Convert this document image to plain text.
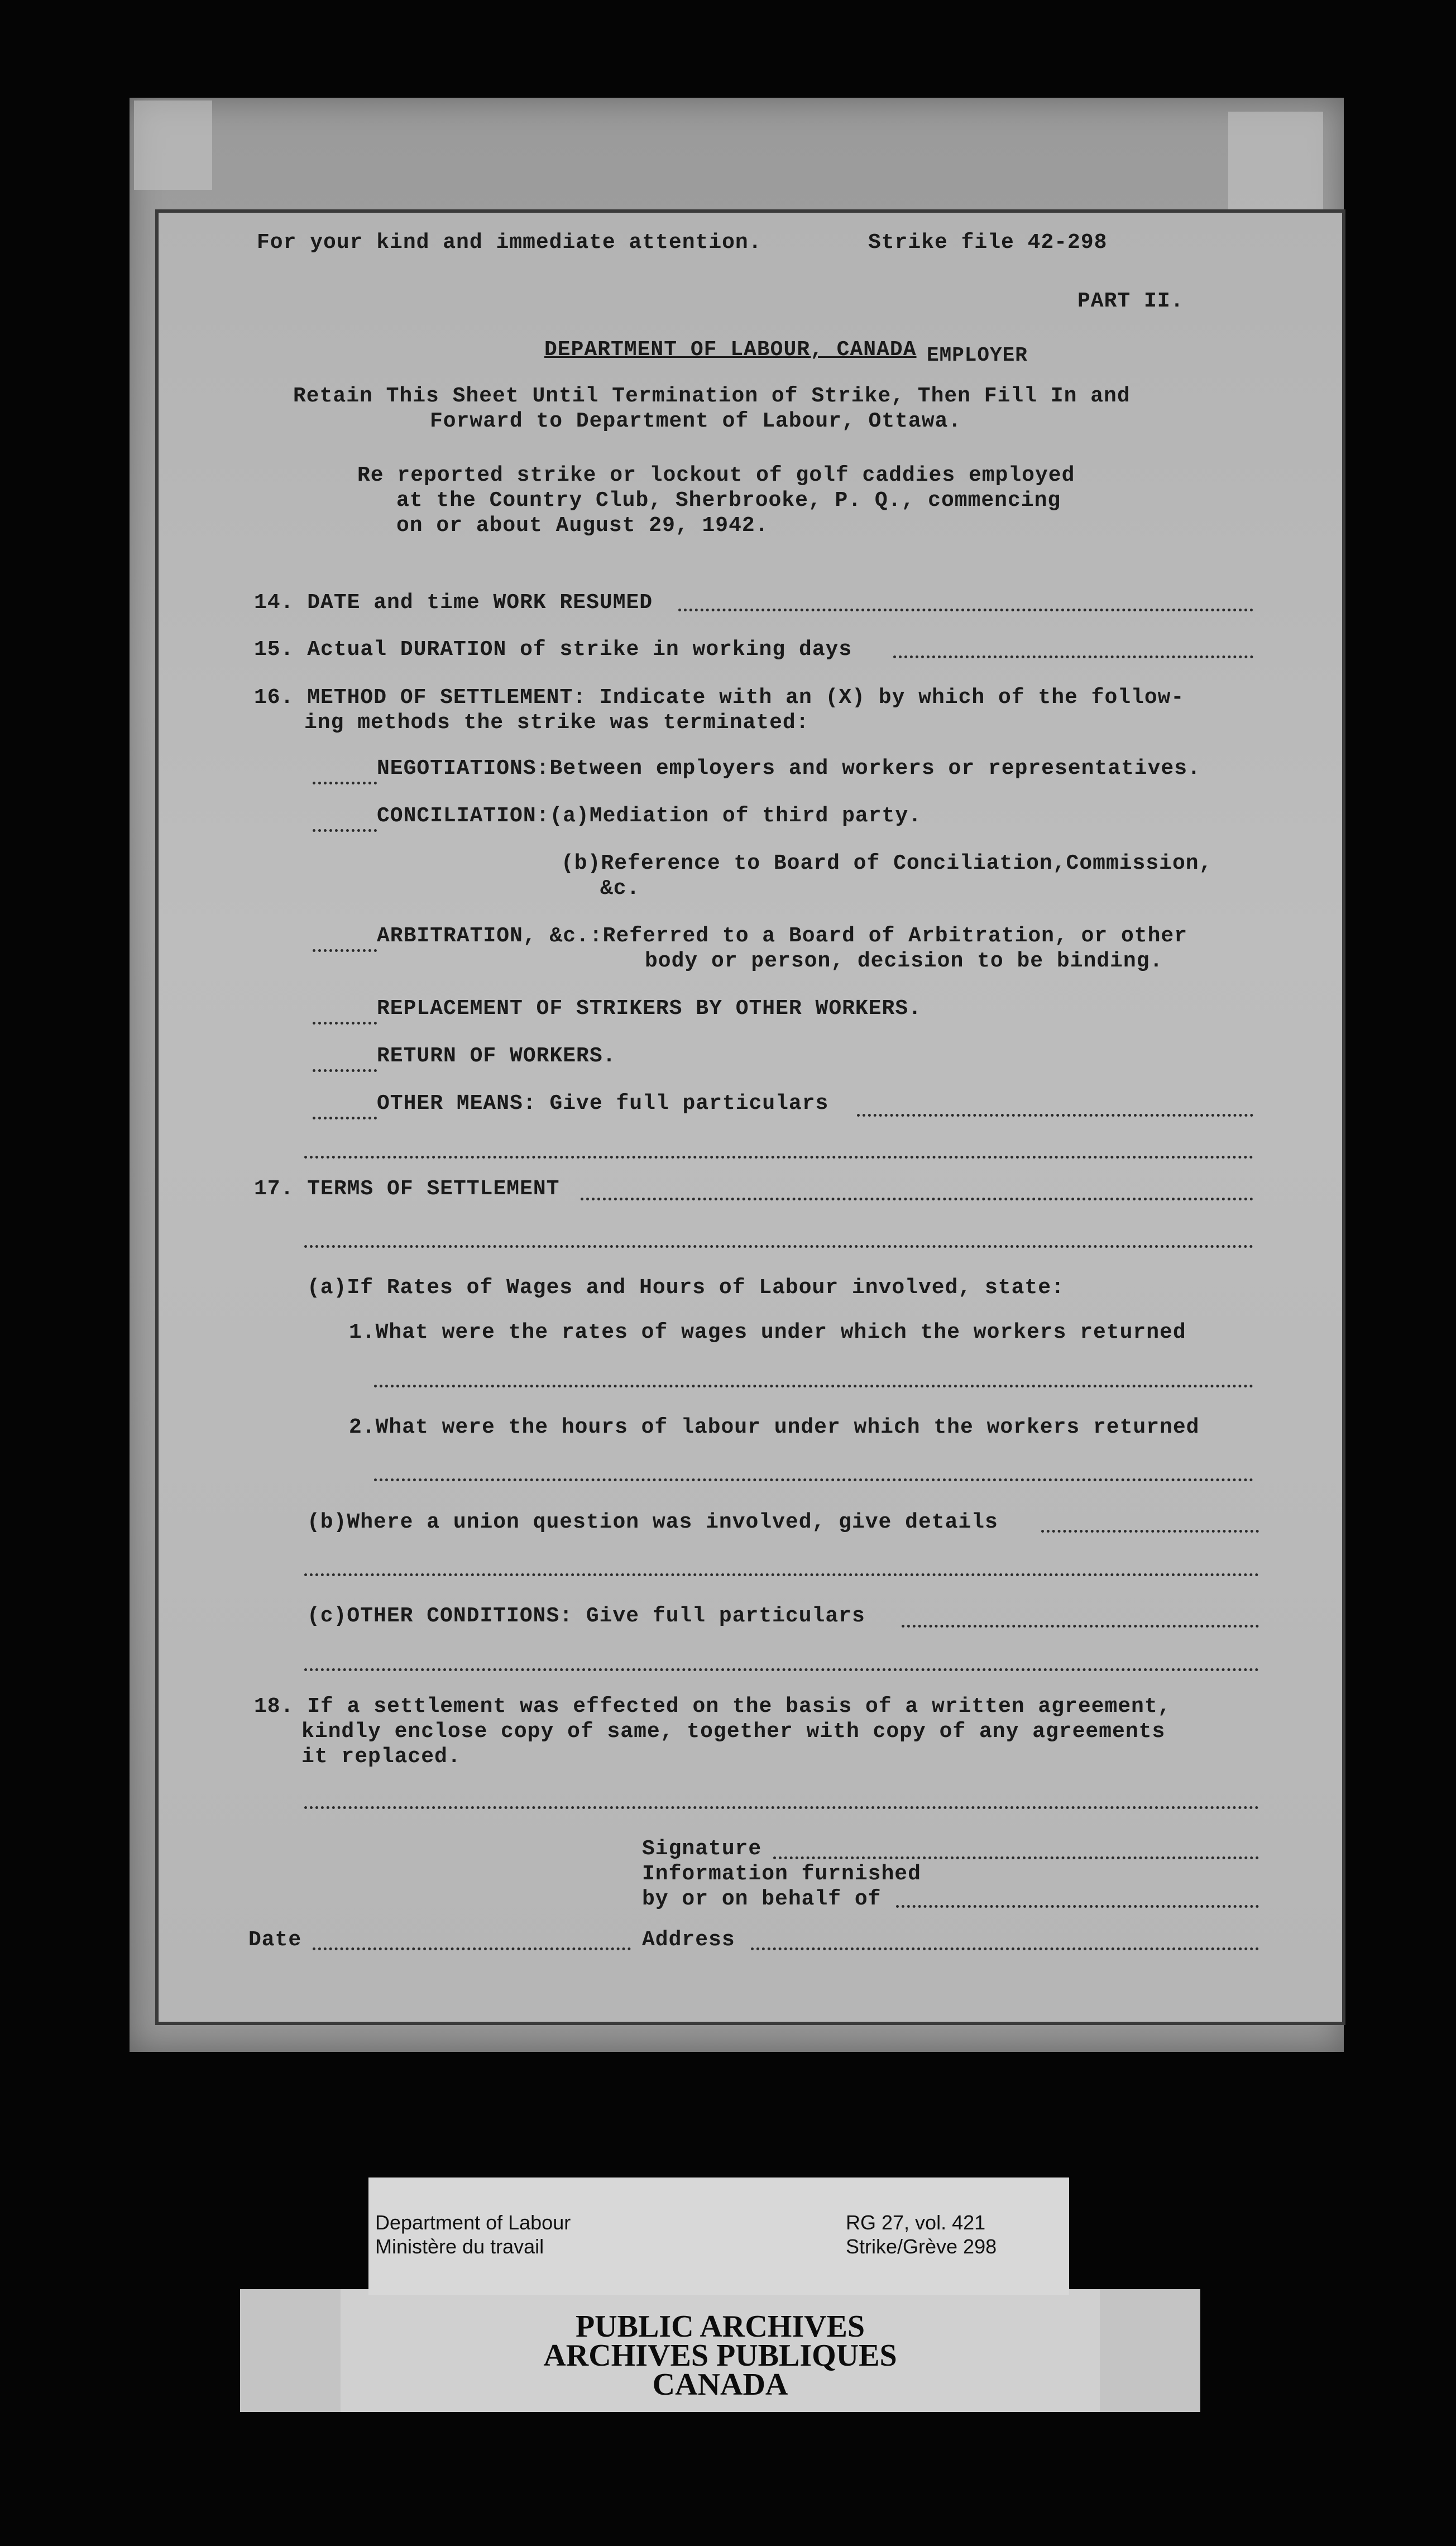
For your kind and immediate attention.	Strike file 42-298
PART II.
DEPARTMENT OF LABOUR, CANADA EMPLOYER
Retain This Sheet Until Termination of Strike, Then Fill In and
Forward to Department of Labour, Ottawa.
Re reported strike or lockout of golf caddies employed
at the Country Club, Sherbrooke, P. Q., commencing
on or about August 29, 1942.
14. DATE and time WORK RESUMED
15. Actual DURATION of strike in working days
16. METHOD OF SETTLEMENT: Indicate with an (X) by which of the follow-
ing methods the strike was terminated:
NEGOTIATIONS:Between employers and workers or representatives.
CONCILIATION:(a)Mediation of third party.
(b)Reference to Board of Conciliation,Commission,
&c.
ARBITRATION, &c.:Referred to a Board of Arbitration, or other
body or person, decision to be binding.
REPLACEMENT OF STRIKERS BY OTHER WORKERS.
RETURN OF WORKERS.
OTHER MEANS: Give full particulars
17. TERMS OF SETTLEMENT
(a)If Rates of Wages and Hours of Labour involved, state:
1.What were the rates of wages under which the workers returned
2.What were the hours of labour under which the workers returned
(b)Where a union question was involved, give details
(c)OTHER CONDITIONS: Give full particulars
18. If a settlement was effected on the basis of a written agreement,
kindly enclose copy of same, together with copy of any agreements
it replaced.
Signature
Information furnished
by or on behalf of
Date	Address
PUBLIC ARCHIVES
ARCHIVES PUBLIQUES
CANADA
Department of Labour
Ministère du travail
RG 27, vol. 421
Strike/Grève 298
